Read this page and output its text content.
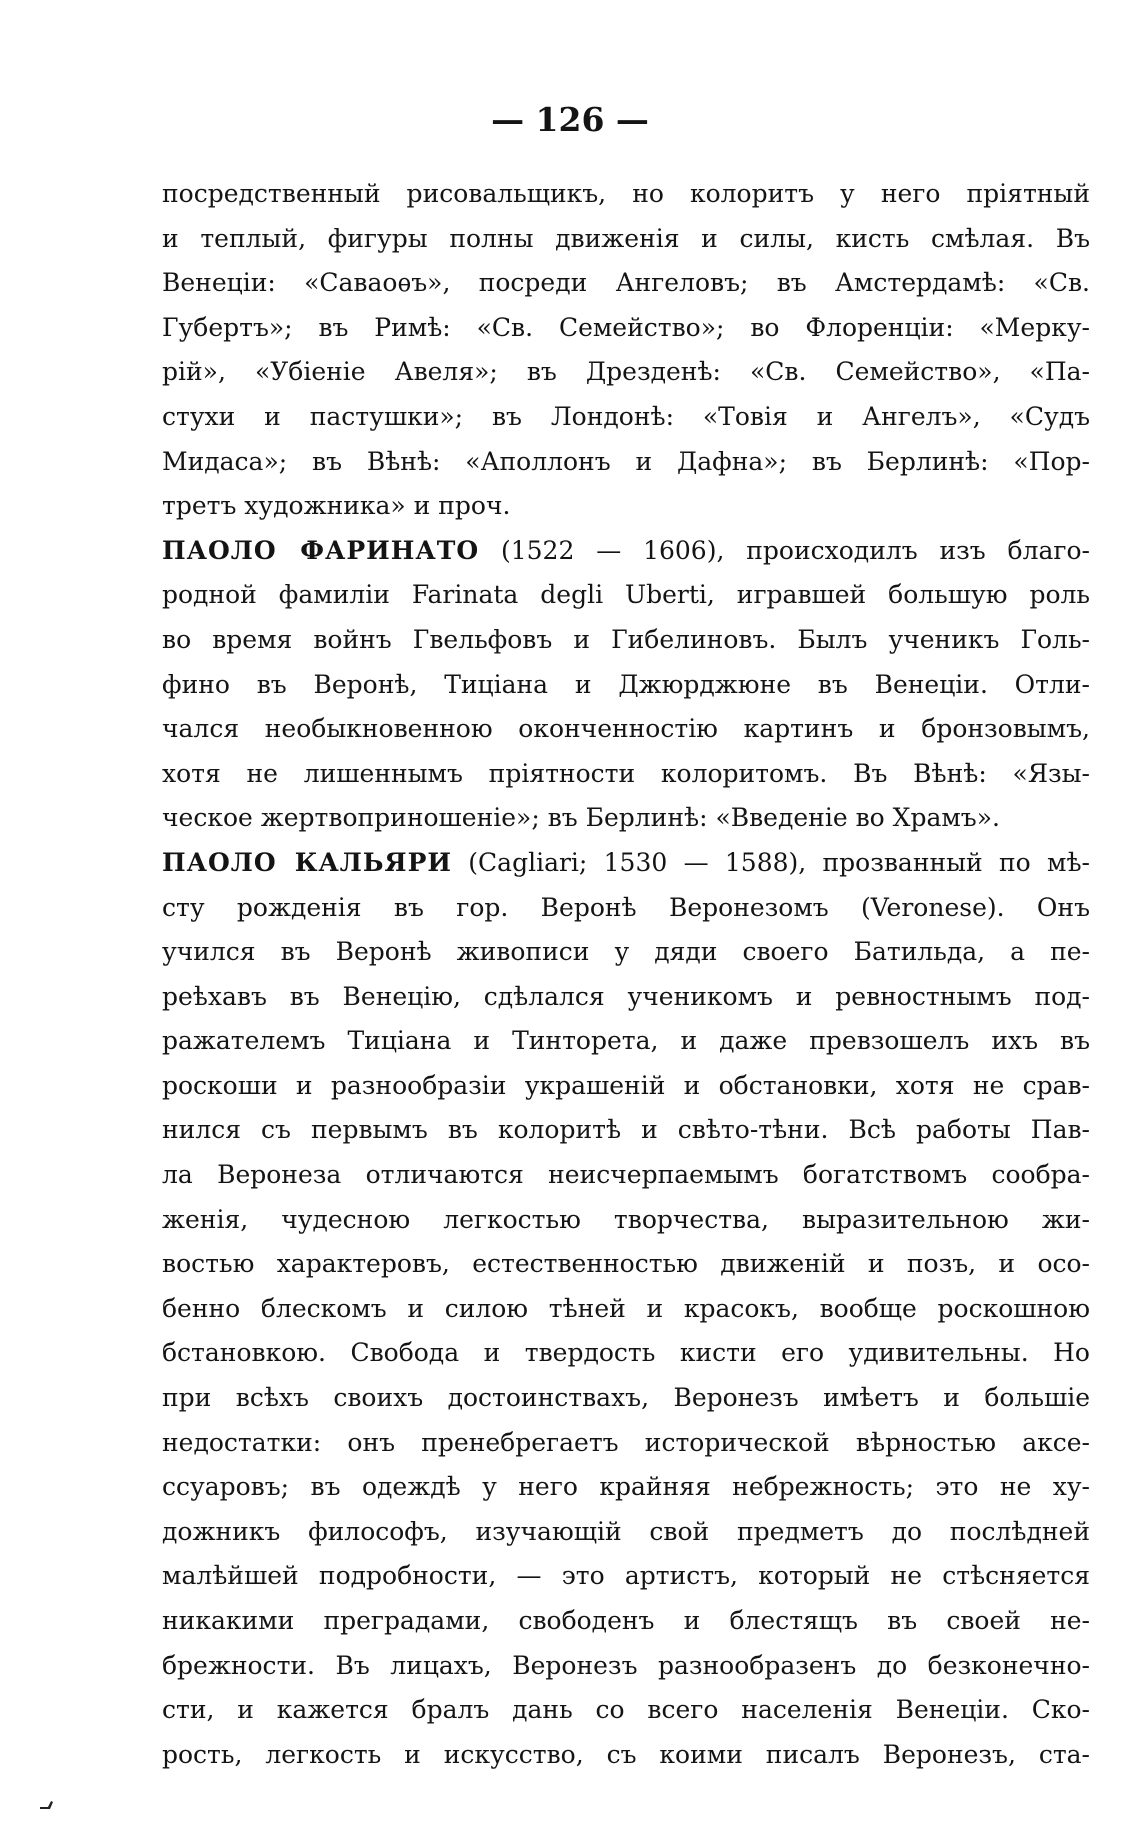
— 126 —
посредственный рисовальщикъ, но колоритъ у него пріятный
и теплый, фигуры полны движенія и силы, кисть смѣлая. Въ
Венеціи: «Саваоѳъ», посреди Ангеловъ; въ Амстердамѣ: «Св.
Губертъ»; въ Римѣ: «Св. Семейство»; во Флоренціи: «Мерку-
рій», «Убіеніе Авеля»; въ Дрезденѣ: «Св. Семейство», «Па-
стухи и пастушки»; въ Лондонѣ: «Товія и Ангелъ», «Судъ
Мидаса»; въ Вѣнѣ: «Аполлонъ и Дафна»; въ Берлинѣ: «Пор-
третъ художника» и проч.
ПАОЛО ФАРИНАТО (1522 — 1606), происходилъ изъ благо-
родной фамиліи Farinata degli Uberti, игравшей большую роль
во время войнъ Гвельфовъ и Гибелиновъ. Былъ ученикъ Голь-
фино въ Веронѣ, Тиціана и Джюрджюне въ Венеціи. Отли-
чался необыкновенною оконченностію картинъ и бронзовымъ,
хотя не лишеннымъ пріятности колоритомъ. Въ Вѣнѣ: «Язы-
ческое жертвоприношеніе»; въ Берлинѣ: «Введеніе во Храмъ».
ПАОЛО КАЛЬЯРИ (Cagliari; 1530 — 1588), прозванный по мѣ-
сту рожденія въ гор. Веронѣ Веронезомъ (Veronese). Онъ
учился въ Веронѣ живописи у дяди своего Батильда, а пе-
реѣхавъ въ Венецію, сдѣлался ученикомъ и ревностнымъ под-
ражателемъ Тиціана и Тинторета, и даже превзошелъ ихъ въ
роскоши и разнообразіи украшеній и обстановки, хотя не срав-
нился съ первымъ въ колоритѣ и свѣто-тѣни. Всѣ работы Пав-
ла Веронеза отличаются неисчерпаемымъ богатствомъ сообра-
женія, чудесною легкостью творчества, выразительною жи-
востью характеровъ, естественностью движеній и позъ, и осо-
бенно блескомъ и силою тѣней и красокъ, вообще роскошною
бстановкою. Свобода и твердость кисти его удивительны. Но
при всѣхъ своихъ достоинствахъ, Веронезъ имѣетъ и большіе
недостатки: онъ пренебрегаетъ исторической вѣрностью аксе-
ссуаровъ; въ одеждѣ у него крайняя небрежность; это не ху-
дожникъ философъ, изучающій свой предметъ до послѣдней
малѣйшей подробности, — это артистъ, который не стѣсняется
никакими преградами, свободенъ и блестящъ въ своей не-
брежности. Въ лицахъ, Веронезъ разнообразенъ до безконечно-
сти, и кажется бралъ дань со всего населенія Венеціи. Ско-
рость, легкость и искусство, съ коими писалъ Веронезъ, ста-
